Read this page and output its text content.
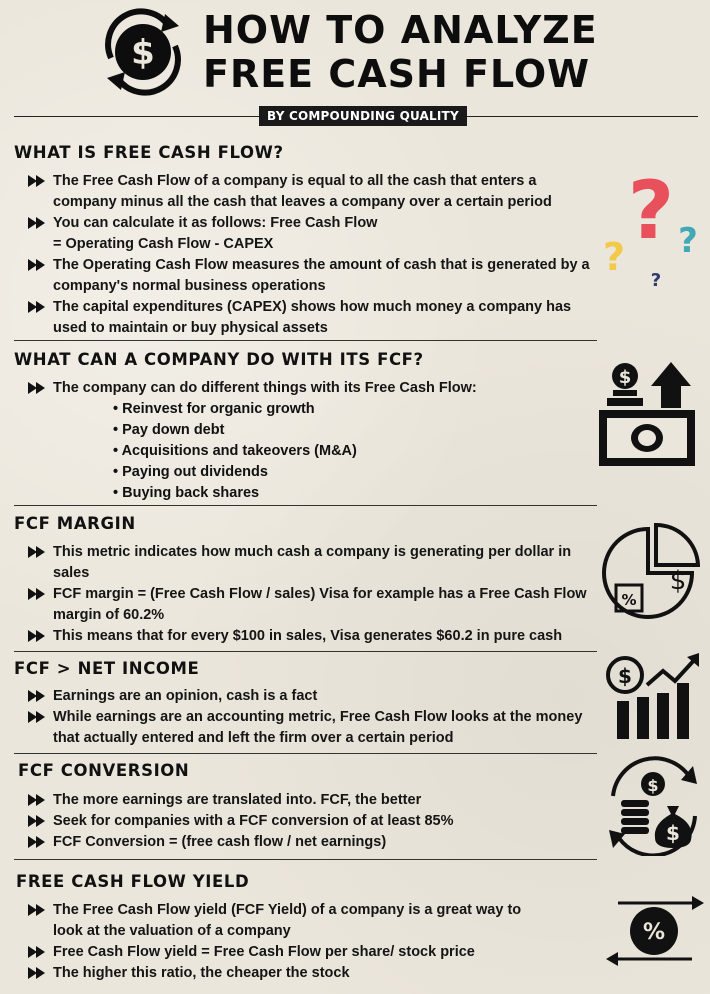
$
HOW TO ANALYZE
FREE CASH FLOW
BY COMPOUNDING QUALITY
WHAT IS FREE CASH FLOW?
The Free Cash Flow of a company is equal to all the cash that enters a company minus all the cash that leaves a company over a certain period
You can calculate it as follows: Free Cash Flow = Operating Cash Flow - CAPEX
The Operating Cash Flow measures the amount of cash that is generated by a company's normal business operations
The capital expenditures (CAPEX) shows how much money a company has used to maintain or buy physical assets
? ?
?
?
WHAT CAN A COMPANY DO WITH ITS FCF?
The company can do different things with its Free Cash Flow:
• Reinvest for organic growth
• Pay down debt
• Acquisitions and takeovers (M&A)
• Paying out dividends
• Buying back shares
$
FCF MARGIN
This metric indicates how much cash a company is generating per dollar in sales
FCF margin = (Free Cash Flow / sales) Visa for example has a Free Cash Flow margin of 60.2%
This means that for every $100 in sales, Visa generates $60.2 in pure cash
$
%
FCF > NET INCOME
Earnings are an opinion, cash is a fact
While earnings are an accounting metric, Free Cash Flow looks at the money that actually entered and left the firm over a certain period
$
FCF CONVERSION
The more earnings are translated into. FCF, the better
Seek for companies with a FCF conversion of at least 85%
FCF Conversion = (free cash flow / net earnings)
$
$
FREE CASH FLOW YIELD
The Free Cash Flow yield (FCF Yield) of a company is a great way to look at the valuation of a company
Free Cash Flow yield = Free Cash Flow per share/ stock price
The higher this ratio, the cheaper the stock
%
